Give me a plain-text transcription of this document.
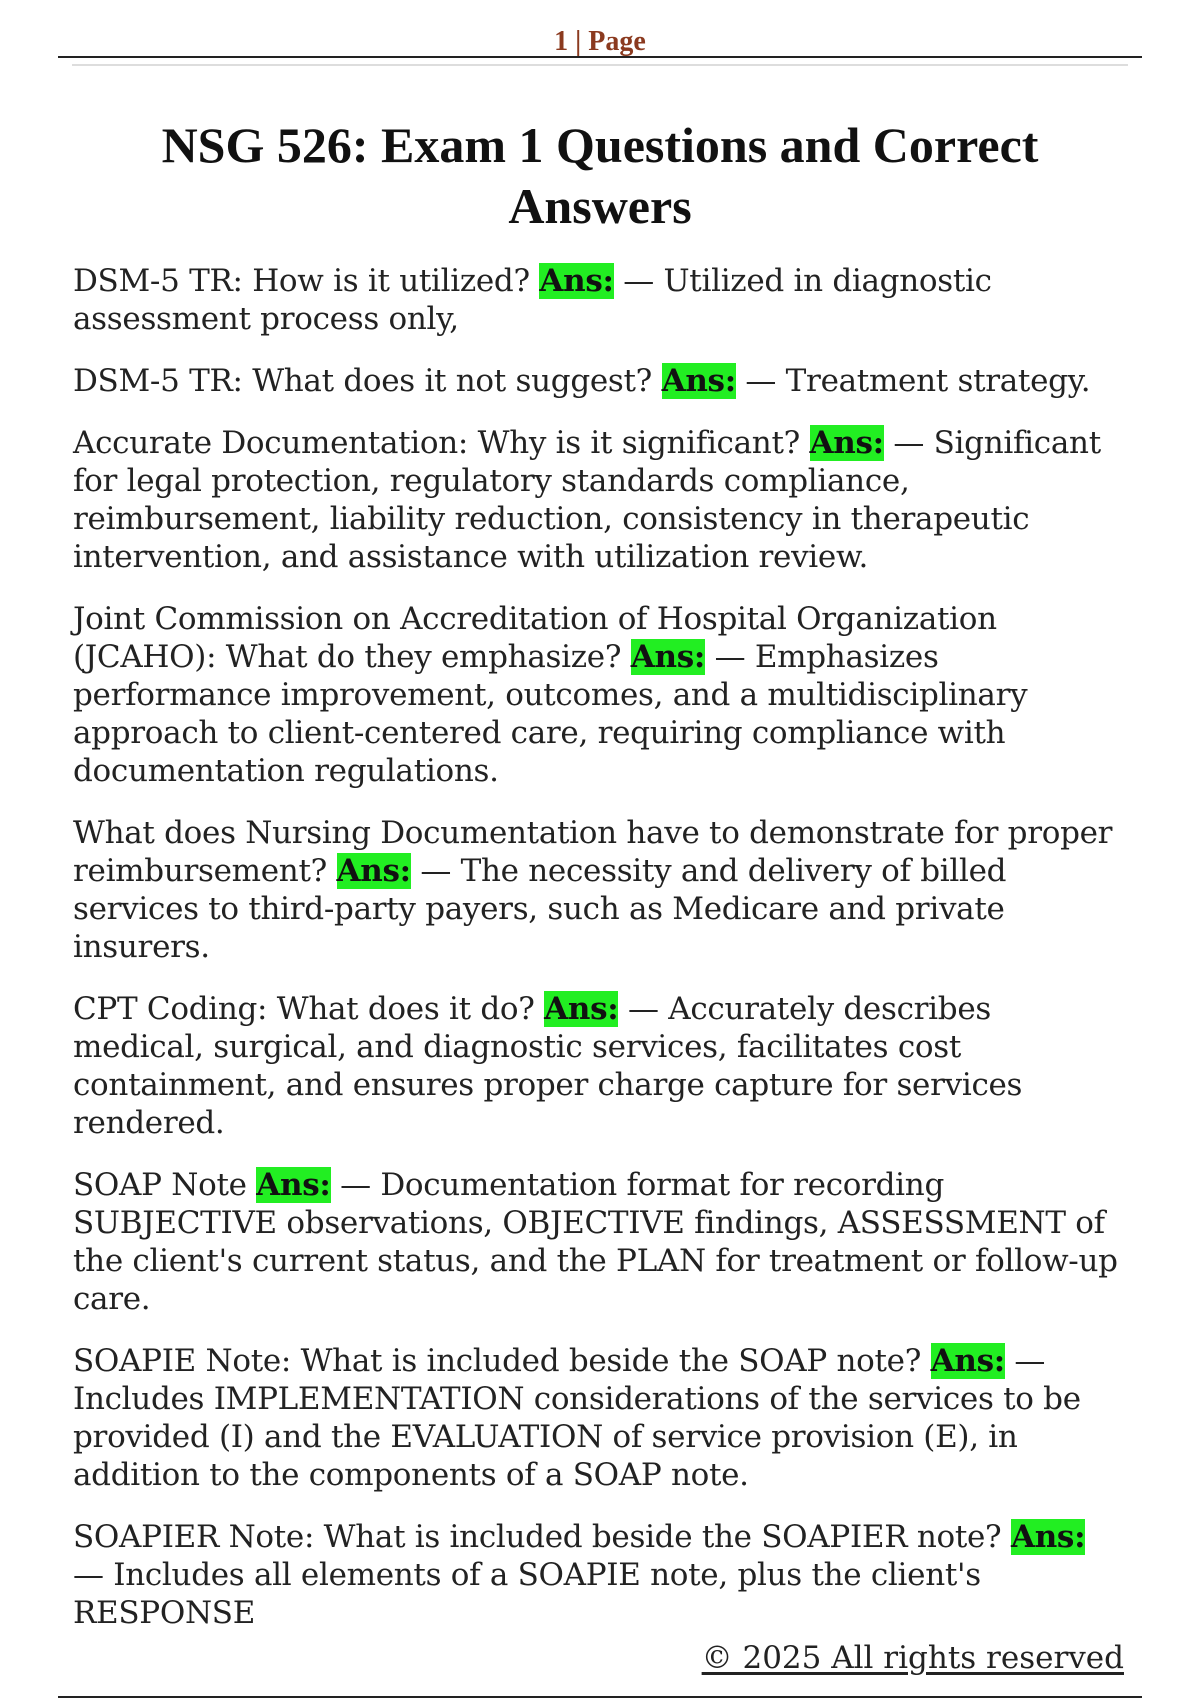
1 | Page
NSG 526: Exam 1 Questions and Correct Answers

DSM-5 TR: How is it utilized? Ans: — Utilized in diagnostic assessment process only,

DSM-5 TR: What does it not suggest? Ans: — Treatment strategy.

Accurate Documentation: Why is it significant? Ans: — Significant for legal protection, regulatory standards compliance, reimbursement, liability reduction, consistency in therapeutic intervention, and assistance with utilization review.

Joint Commission on Accreditation of Hospital Organization (JCAHO): What do they emphasize? Ans: — Emphasizes performance improvement, outcomes, and a multidisciplinary approach to client-centered care, requiring compliance with documentation regulations.

What does Nursing Documentation have to demonstrate for proper reimbursement? Ans: — The necessity and delivery of billed services to third-party payers, such as Medicare and private insurers.

CPT Coding: What does it do? Ans: — Accurately describes medical, surgical, and diagnostic services, facilitates cost containment, and ensures proper charge capture for services rendered.

SOAP Note Ans: — Documentation format for recording SUBJECTIVE observations, OBJECTIVE findings, ASSESSMENT of the client's current status, and the PLAN for treatment or follow-up care.

SOAPIE Note: What is included beside the SOAP note? Ans: — Includes IMPLEMENTATION considerations of the services to be provided (I) and the EVALUATION of service provision (E), in addition to the components of a SOAP note.

SOAPIER Note: What is included beside the SOAPIER note? Ans: — Includes all elements of a SOAPIE note, plus the client's RESPONSE

© 2025 All rights reserved
